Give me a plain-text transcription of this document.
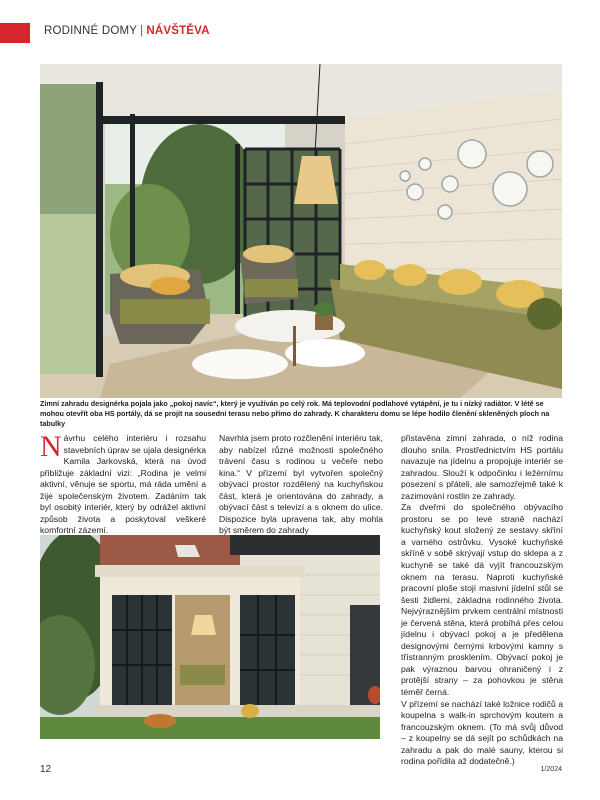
RODINNÉ DOMY | NÁVŠTĚVA
Zimní zahradu designérka pojala jako „pokoj navíc“, který je využíván po celý rok. Má teplovodní podlahové vytápění, je tu i nízký radiátor. V létě se mohou otevřít oba HS portály, dá se projít na sousední terasu nebo přímo do zahrady. K charakteru domu se lépe hodilo členění skleněných ploch na tabulky
Návrhu celého interiéru i rozsahu stavebních úprav se ujala designérka Kamila Jarkovská, která na úvod přibližuje základní vizi: „Rodina je velmi aktivní, věnuje se sportu, má ráda umění a žije společenským životem. Zadáním tak byl osobitý interiér, který by odrážel aktivní způsob života a poskytoval veškeré komfortní zázemí.

Navrhla jsem proto rozčlenění interiéru tak, aby nabízel různé možnosti společného trávení času s rodinou u večeře nebo kina.“ V přízemí byl vytvořen společný obývací prostor rozdělený na kuchyňskou část, která je orientována do zahrady, a obývací část s televizí a s oknem do ulice. Dispozice byla upravena tak, aby mohla být směrem do zahrady

přistavěna zimní zahrada, o níž rodina dlouho snila. Prostřednictvím HS portálu navazuje na jídelnu a propojuje interiér se zahradou. Slouží k odpočinku i ležérnímu posezení s přáteli, ale samozřejmě také k zazimování rostlin ze zahrady.

Za dveřmi do společného obývacího prostoru se po levé straně nachází kuchyňský kout složený ze sestavy skříní a varného ostrůvku. Vysoké kuchyňské skříně v sobě skrývají vstup do sklepa a z kuchyně se také dá vyjít francouzským oknem na terasu. Naproti kuchyňské pracovní ploše stojí masivní jídelní stůl se šesti židlemi, základna rodinného života. Nejvýraznějším prvkem centrální místnosti je červená stěna, která probíhá přes celou jídelnu i obývací pokoj a je předělena designovými černými krbovými kamny s třístranným prosklením. Obývací pokoj je pak výraznou barvou ohraničený i z protější strany – za pohovkou je stěna téměř černá.

V přízemí se nachází také ložnice rodičů a koupelna s walk-in sprchovým koutem a francouzským oknem. (To má svůj důvod – z koupelny se dá sejít po schůdkách na zahradu a pak do malé sauny, kterou si rodina pořídila až dodatečně.)

12	1/2024
